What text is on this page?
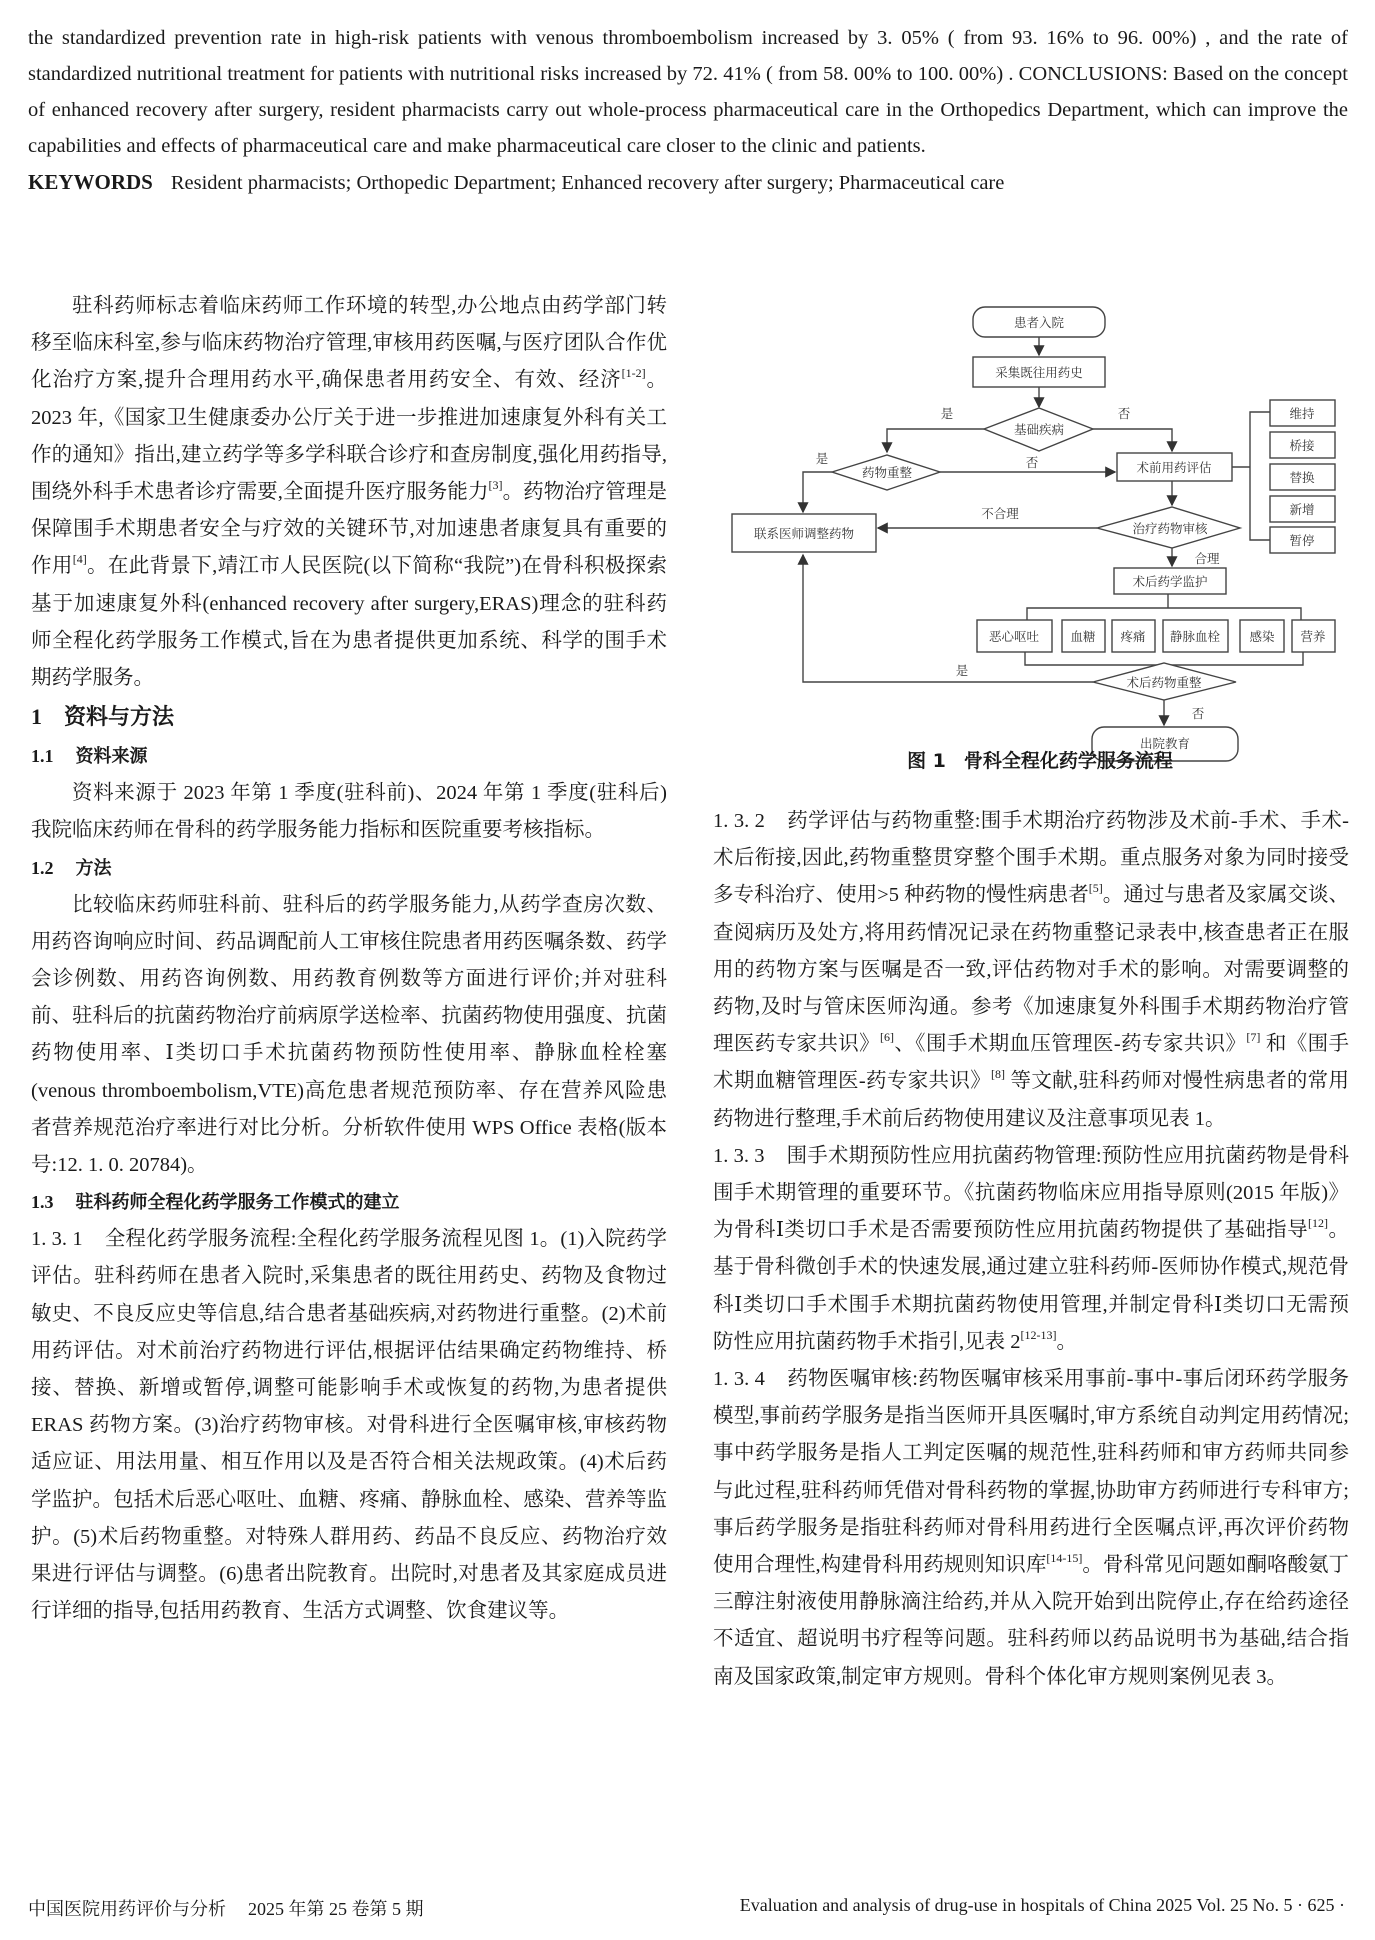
the standardized prevention rate in high-risk patients with venous thromboembolism increased by 3. 05% ( from 93. 16% to 96. 00%) , and the rate of standardized nutritional treatment for patients with nutritional risks increased by 72. 41% ( from 58. 00% to 100. 00%) . CONCLUSIONS: Based on the concept of enhanced recovery after surgery, resident pharmacists carry out whole-process pharmaceutical care in the Orthopedics Department, which can improve the capabilities and effects of pharmaceutical care and make pharmaceutical care closer to the clinic and patients.

KEYWORDS Resident pharmacists; Orthopedic Department; Enhanced recovery after surgery; Pharmaceutical care

驻科药师标志着临床药师工作环境的转型,办公地点由药学部门转移至临床科室,参与临床药物治疗管理,审核用药医嘱,与医疗团队合作优化治疗方案,提升合理用药水平,确保患者用药安全、有效、经济[1-2]。2023 年,《国家卫生健康委办公厅关于进一步推进加速康复外科有关工作的通知》指出,建立药学等多学科联合诊疗和查房制度,强化用药指导,围绕外科手术患者诊疗需要,全面提升医疗服务能力[3]。药物治疗管理是保障围手术期患者安全与疗效的关键环节,对加速患者康复具有重要的作用[4]。在此背景下,靖江市人民医院(以下简称“我院”)在骨科积极探索基于加速康复外科(enhanced recovery after surgery,ERAS)理念的驻科药师全程化药学服务工作模式,旨在为患者提供更加系统、科学的围手术期药学服务。

1 资料与方法
1.1 资料来源

资料来源于 2023 年第 1 季度(驻科前)、2024 年第 1 季度(驻科后)我院临床药师在骨科的药学服务能力指标和医院重要考核指标。

1.2 方法

比较临床药师驻科前、驻科后的药学服务能力,从药学查房次数、用药咨询响应时间、药品调配前人工审核住院患者用药医嘱条数、药学会诊例数、用药咨询例数、用药教育例数等方面进行评价;并对驻科前、驻科后的抗菌药物治疗前病原学送检率、抗菌药物使用强度、抗菌药物使用率、Ⅰ类切口手术抗菌药物预防性使用率、静脉血栓栓塞(venous thromboembolism,VTE)高危患者规范预防率、存在营养风险患者营养规范治疗率进行对比分析。分析软件使用 WPS Office 表格(版本号:12. 1. 0. 20784)。

1.3 驻科药师全程化药学服务工作模式的建立

1. 3. 1 全程化药学服务流程:全程化药学服务流程见图 1。(1)入院药学评估。驻科药师在患者入院时,采集患者的既往用药史、药物及食物过敏史、不良反应史等信息,结合患者基础疾病,对药物进行重整。(2)术前用药评估。对术前治疗药物进行评估,根据评估结果确定药物维持、桥接、替换、新增或暂停,调整可能影响手术或恢复的药物,为患者提供 ERAS 药物方案。(3)治疗药物审核。对骨科进行全医嘱审核,审核药物适应证、用法用量、相互作用以及是否符合相关法规政策。(4)术后药学监护。包括术后恶心呕吐、血糖、疼痛、静脉血栓、感染、营养等监护。(5)术后药物重整。对特殊人群用药、药品不良反应、药物治疗效果进行评估与调整。(6)患者出院教育。出院时,对患者及其家庭成员进行详细的指导,包括用药教育、生活方式调整、饮食建议等。

患者入院
采集既往用药史
基础疾病
是	否
药物重整
是	否	术前用药评估
维持
桥接
替换
新增
暂停
不合理
治疗药物审核
联系医师调整药物
合理
术后药学监护
恶心呕吐	血糖 疼痛 静脉血栓 感染 营养
是
术后药物重整
否
出院教育
图 1 骨科全程化药学服务流程

1. 3. 2 药学评估与药物重整:围手术期治疗药物涉及术前-手术、手术-术后衔接,因此,药物重整贯穿整个围手术期。重点服务对象为同时接受多专科治疗、使用>5 种药物的慢性病患者[5]。通过与患者及家属交谈、查阅病历及处方,将用药情况记录在药物重整记录表中,核查患者正在服用的药物方案与医嘱是否一致,评估药物对手术的影响。对需要调整的药物,及时与管床医师沟通。参考《加速康复外科围手术期药物治疗管理医药专家共识》[6]、《围手术期血压管理医-药专家共识》[7] 和《围手术期血糖管理医-药专家共识》[8] 等文献,驻科药师对慢性病患者的常用药物进行整理,手术前后药物使用建议及注意事项见表 1。

1. 3. 3 围手术期预防性应用抗菌药物管理:预防性应用抗菌药物是骨科围手术期管理的重要环节。《抗菌药物临床应用指导原则(2015 年版)》为骨科Ⅰ类切口手术是否需要预防性应用抗菌药物提供了基础指导[12]。基于骨科微创手术的快速发展,通过建立驻科药师-医师协作模式,规范骨科Ⅰ类切口手术围手术期抗菌药物使用管理,并制定骨科Ⅰ类切口无需预防性应用抗菌药物手术指引,见表 2[12-13]。

1. 3. 4 药物医嘱审核:药物医嘱审核采用事前-事中-事后闭环药学服务模型,事前药学服务是指当医师开具医嘱时,审方系统自动判定用药情况;事中药学服务是指人工判定医嘱的规范性,驻科药师和审方药师共同参与此过程,驻科药师凭借对骨科药物的掌握,协助审方药师进行专科审方;事后药学服务是指驻科药师对骨科用药进行全医嘱点评,再次评价药物使用合理性,构建骨科用药规则知识库[14-15]。骨科常见问题如酮咯酸氨丁三醇注射液使用静脉滴注给药,并从入院开始到出院停止,存在给药途径不适宜、超说明书疗程等问题。驻科药师以药品说明书为基础,结合指南及国家政策,制定审方规则。骨科个体化审方规则案例见表 3。

中国医院用药评价与分析 2025 年第 25 卷第 5 期	Evaluation and analysis of drug-use in hospitals of China 2025 Vol. 25 No. 5 · 625 ·
